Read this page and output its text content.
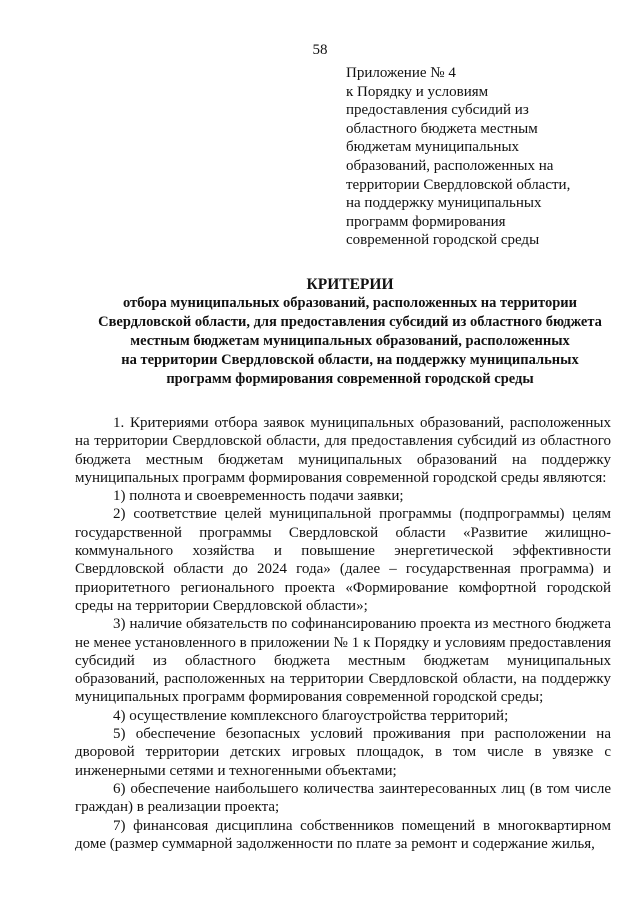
58
Приложение № 4
к Порядку и условиям
предоставления субсидий из
областного бюджета местным
бюджетам муниципальных
образований, расположенных на
территории Свердловской области,
на поддержку муниципальных
программ формирования
современной городской среды
КРИТЕРИИ
отбора муниципальных образований, расположенных на территории
Свердловской области, для предоставления субсидий из областного бюджета
местным бюджетам муниципальных образований, расположенных
на территории Свердловской области, на поддержку муниципальных
программ формирования современной городской среды

1. Критериями отбора заявок муниципальных образований, расположенных на территории Свердловской области, для предоставления субсидий из областного бюджета местным бюджетам муниципальных образований на поддержку муниципальных программ формирования современной городской среды являются:

1) полнота и своевременность подачи заявки;

2) соответствие целей муниципальной программы (подпрограммы) целям государственной программы Свердловской области «Развитие жилищно-коммунального хозяйства и повышение энергетической эффективности Свердловской области до 2024 года» (далее – государственная программа) и приоритетного регионального проекта «Формирование комфортной городской среды на территории Свердловской области»;

3) наличие обязательств по софинансированию проекта из местного бюджета не менее установленного в приложении № 1 к Порядку и условиям предоставления субсидий из областного бюджета местным бюджетам муниципальных образований, расположенных на территории Свердловской области, на поддержку муниципальных программ формирования современной городской среды;

4) осуществление комплексного благоустройства территорий;

5) обеспечение безопасных условий проживания при расположении на дворовой территории детских игровых площадок, в том числе в увязке с инженерными сетями и техногенными объектами;

6) обеспечение наибольшего количества заинтересованных лиц (в том числе граждан) в реализации проекта;

7) финансовая дисциплина собственников помещений в многоквартирном доме (размер суммарной задолженности по плате за ремонт и содержание жилья,
